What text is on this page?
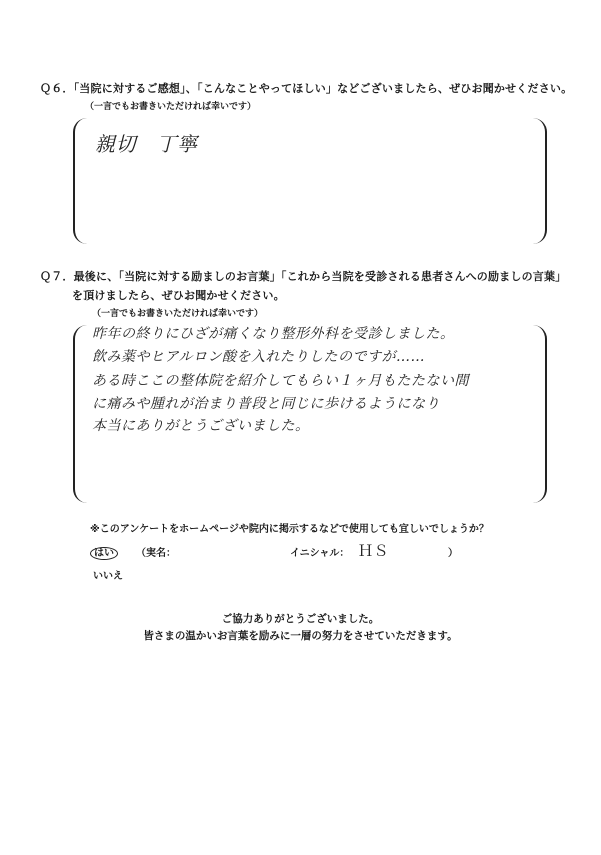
Ｑ６．「当院に対するご感想」、「こんなことやってほしい」などございましたら、ぜひお聞かせください。
（一言でもお書きいただければ幸いです）
親切　丁寧
Ｑ７．最後に、「当院に対する励ましのお言葉」「これから当院を受診される患者さんへの励ましの言葉」
を頂けましたら、ぜひお聞かせください。
（一言でもお書きいただければ幸いです）
昨年の終りにひざが痛くなり整形外科を受診しました。
飲み薬やヒアルロン酸を入れたりしたのですが……
ある時ここの整体院を紹介してもらい１ヶ月もたたない間
に痛みや腫れが治まり普段と同じに歩けるようになり
本当にありがとうございました。
※このアンケートをホームページや院内に掲示するなどで使用しても宜しいでしょうか？
はい	（実名：	イニシャル： ＨＳ	）
いいえ
ご協力ありがとうございました。
皆さまの温かいお言葉を励みに一層の努力をさせていただきます。
